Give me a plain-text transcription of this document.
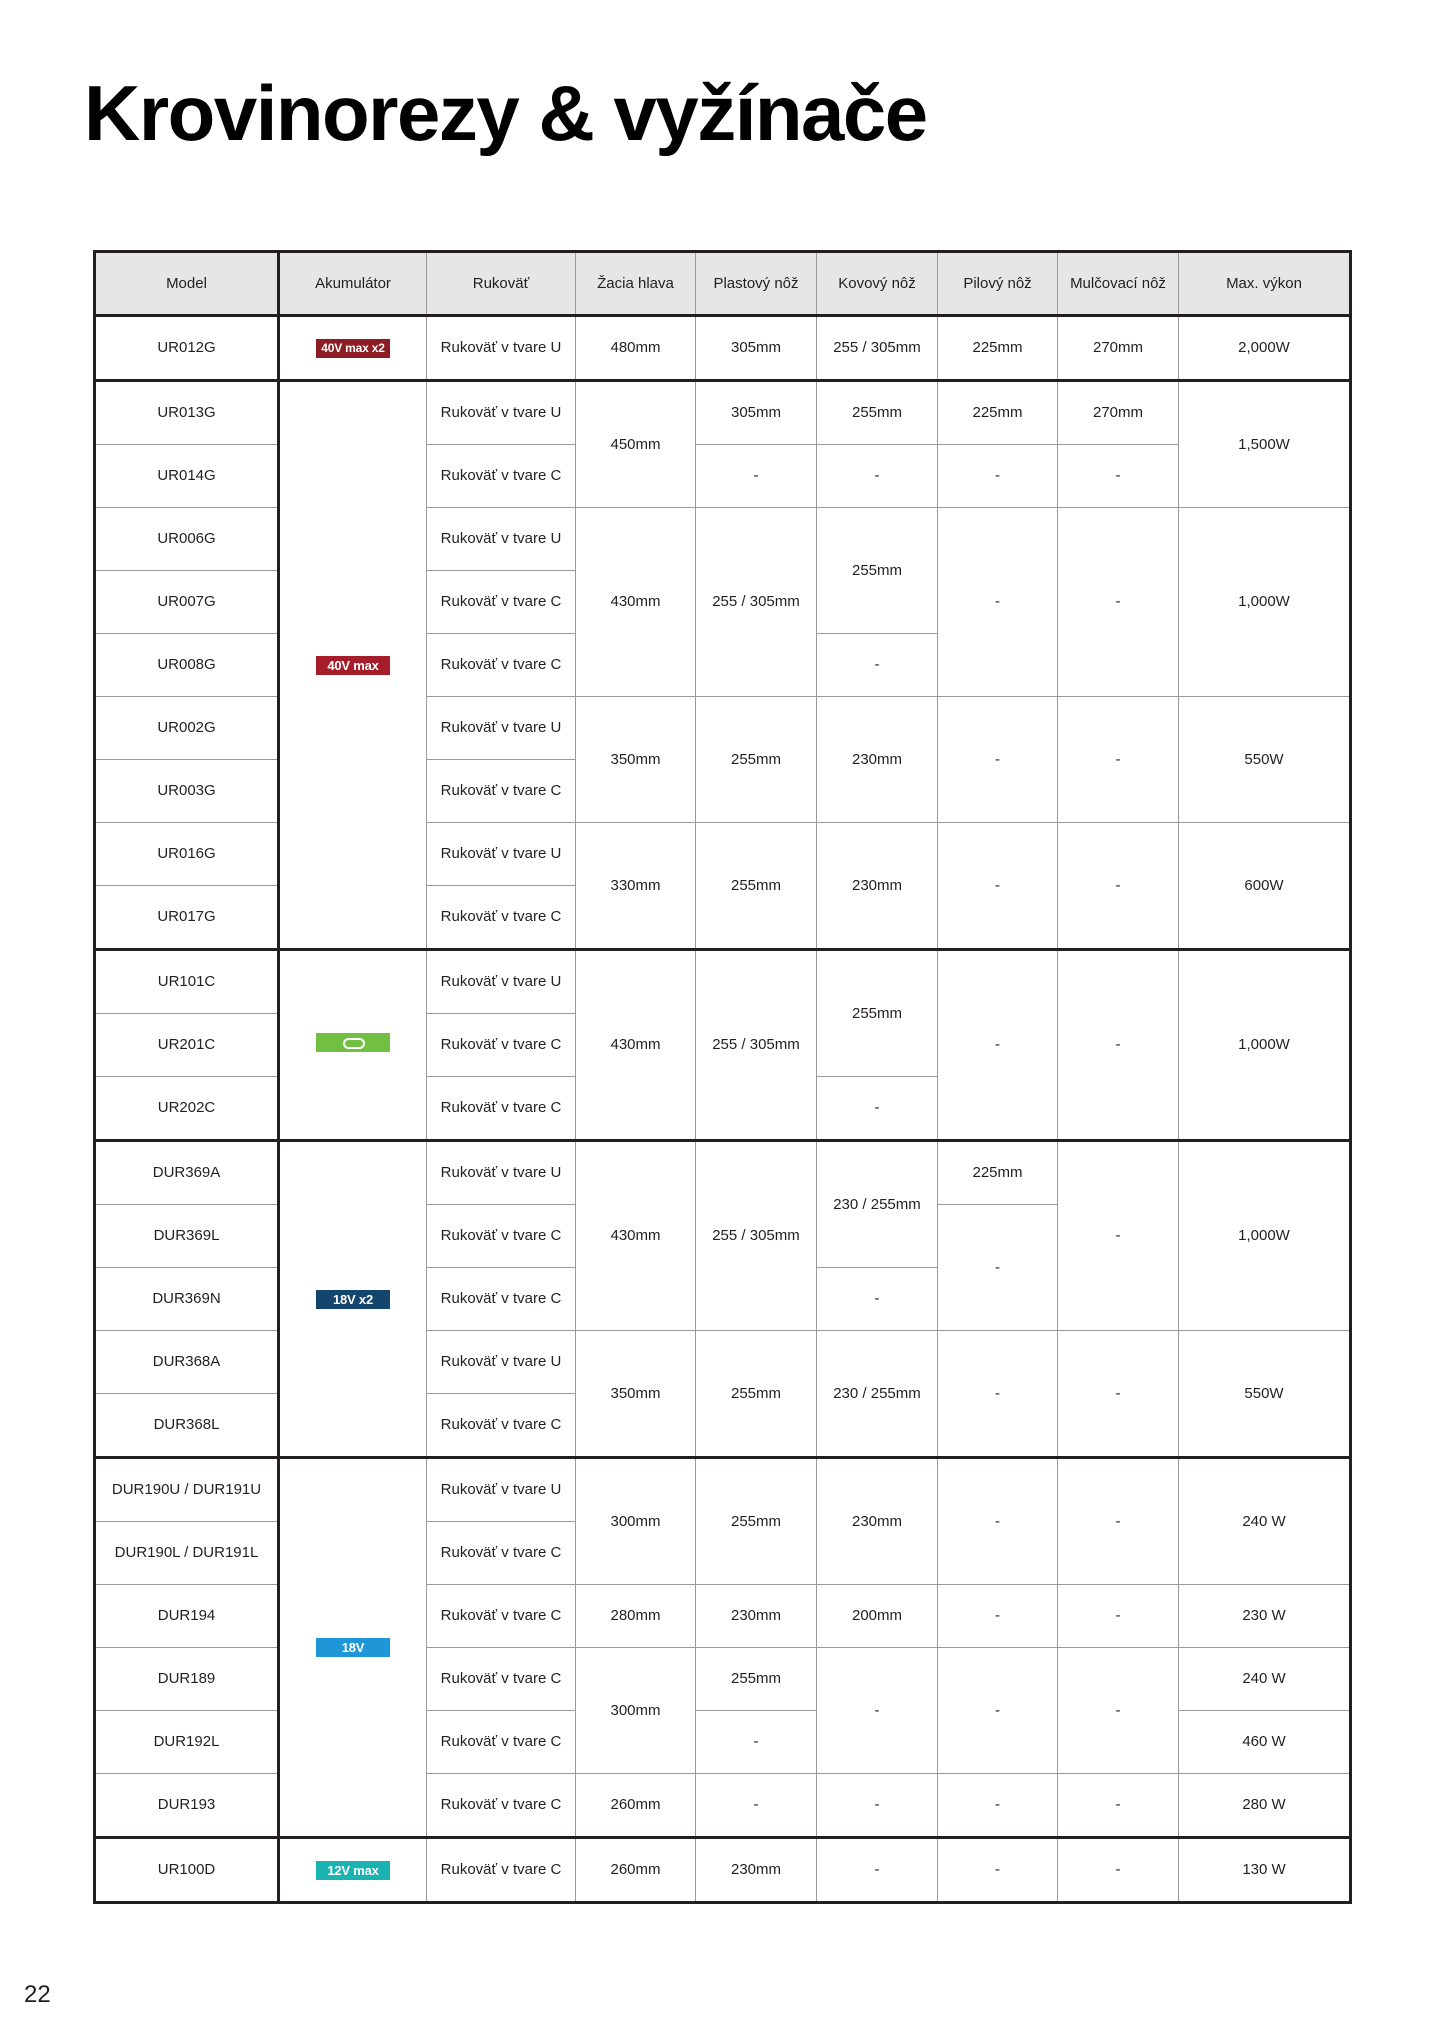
Krovinorezy & vyžínače
Model	Akumulátor	Rukoväť	Žacia hlava	Plastový nôž	Kovový nôž	Pilový nôž	Mulčovací nôž	Max. výkon
UR012G	40V max x2	Rukoväť v tvare U	480mm	305mm	255 / 305mm	225mm	270mm	2,000W
UR013G	40V max	Rukoväť v tvare U	450mm	305mm	255mm	225mm	270mm	1,500W
UR014G		Rukoväť v tvare C		-	-	-	-	
UR006G		Rukoväť v tvare U	430mm	255 / 305mm	255mm	-	-	1,000W
UR007G		Rukoväť v tvare C						
UR008G		Rukoväť v tvare C			-			
UR002G		Rukoväť v tvare U	350mm	255mm	230mm	-	-	550W
UR003G		Rukoväť v tvare C						
UR016G		Rukoväť v tvare U	330mm	255mm	230mm	-	-	600W
UR017G		Rukoväť v tvare C						
UR101C		Rukoväť v tvare U	430mm	255 / 305mm	255mm	-	-	1,000W
UR201C		Rukoväť v tvare C						
UR202C		Rukoväť v tvare C			-			
DUR369A	18V x2	Rukoväť v tvare U	430mm	255 / 305mm	230 / 255mm	225mm	-	1,000W
DUR369L		Rukoväť v tvare C				-		
DUR369N		Rukoväť v tvare C			-			
DUR368A		Rukoväť v tvare U	350mm	255mm	230 / 255mm	-	-	550W
DUR368L		Rukoväť v tvare C						
DUR190U / DUR191U	18V	Rukoväť v tvare U	300mm	255mm	230mm	-	-	240 W
DUR190L / DUR191L		Rukoväť v tvare C						
DUR194		Rukoväť v tvare C	280mm	230mm	200mm	-	-	230 W
DUR189		Rukoväť v tvare C	300mm	255mm	-	-	-	240 W
DUR192L		Rukoväť v tvare C		-				460 W
DUR193		Rukoväť v tvare C	260mm	-	-	-	-	280 W
UR100D	12V max	Rukoväť v tvare C	260mm	230mm	-	-	-	130 W
22
